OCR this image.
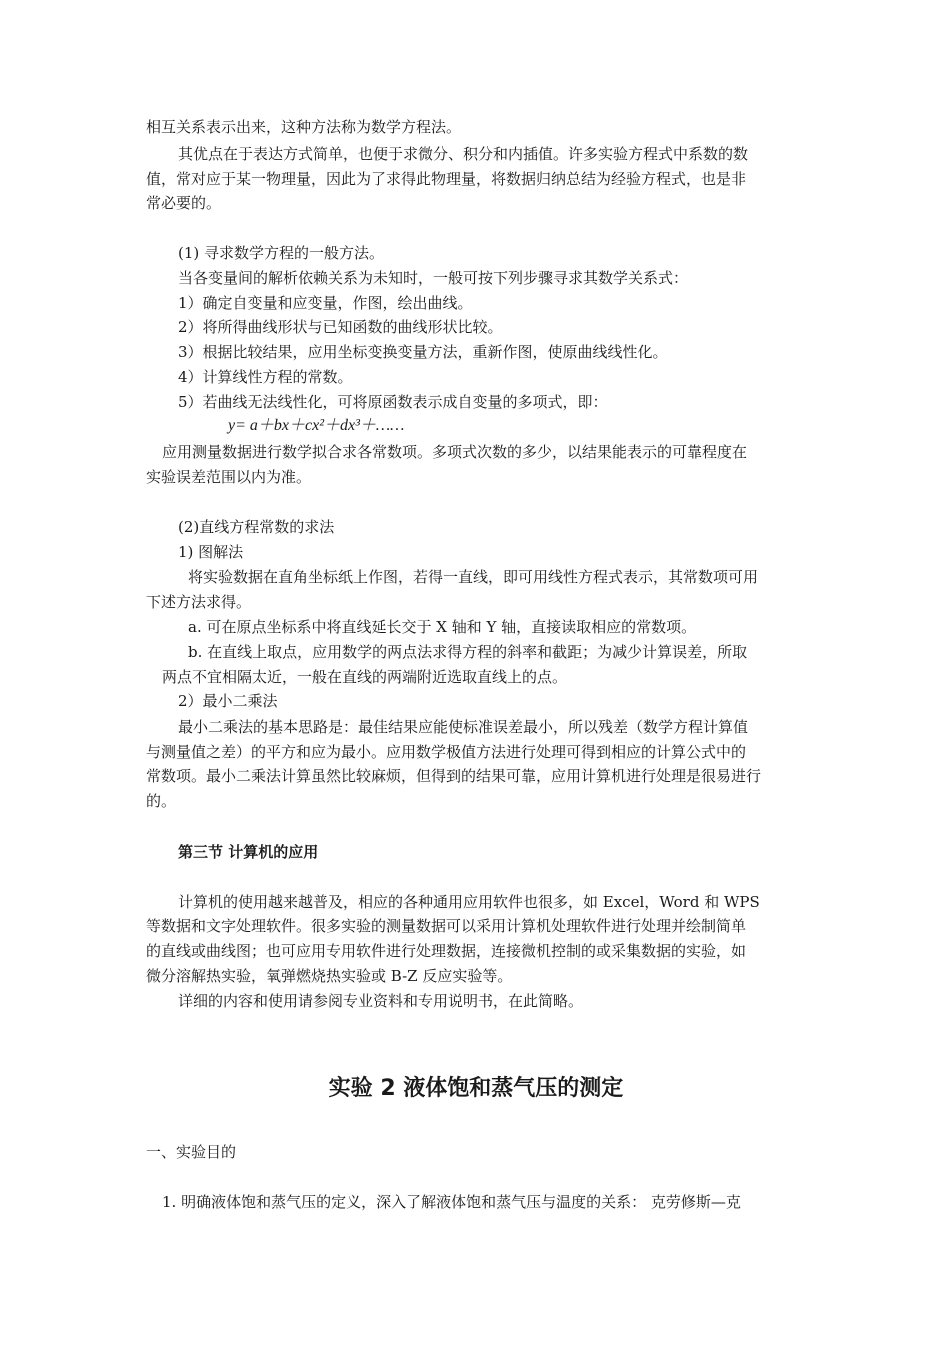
相互关系表示出来，这种方法称为数学方程法。
其优点在于表达方式简单，也便于求微分、积分和内插值。许多实验方程式中系数的数
值，常对应于某一物理量，因此为了求得此物理量，将数据归纳总结为经验方程式，也是非
常必要的。
(1) 寻求数学方程的一般方法。
当各变量间的解析依赖关系为未知时，一般可按下列步骤寻求其数学关系式：
1）确定自变量和应变量，作图，绘出曲线。
2）将所得曲线形状与已知函数的曲线形状比较。
3）根据比较结果，应用坐标变换变量方法，重新作图，使原曲线线性化。
4）计算线性方程的常数。
5）若曲线无法线性化，可将原函数表示成自变量的多项式，即：
y= a＋bx＋cx²＋dx³＋……
应用测量数据进行数学拟合求各常数项。多项式次数的多少，以结果能表示的可靠程度在
实验误差范围以内为准。
(2)直线方程常数的求法
1) 图解法
将实验数据在直角坐标纸上作图，若得一直线，即可用线性方程式表示，其常数项可用
下述方法求得。
a. 可在原点坐标系中将直线延长交于 X 轴和 Y 轴，直接读取相应的常数项。
b. 在直线上取点，应用数学的两点法求得方程的斜率和截距；为减少计算误差，所取
两点不宜相隔太近，一般在直线的两端附近选取直线上的点。
2）最小二乘法
最小二乘法的基本思路是：最佳结果应能使标准误差最小，所以残差（数学方程计算值
与测量值之差）的平方和应为最小。应用数学极值方法进行处理可得到相应的计算公式中的
常数项。最小二乘法计算虽然比较麻烦，但得到的结果可靠，应用计算机进行处理是很易进行
的。
第三节 计算机的应用
计算机的使用越来越普及，相应的各种通用应用软件也很多，如 Excel，Word 和 WPS
等数据和文字处理软件。很多实验的测量数据可以采用计算机处理软件进行处理并绘制简单
的直线或曲线图；也可应用专用软件进行处理数据，连接微机控制的或采集数据的实验，如
微分溶解热实验，氧弹燃烧热实验或 B-Z 反应实验等。
详细的内容和使用请参阅专业资料和专用说明书，在此简略。
实验 2 液体饱和蒸气压的测定
一、实验目的
1. 明确液体饱和蒸气压的定义，深入了解液体饱和蒸气压与温度的关系： 克劳修斯—克
